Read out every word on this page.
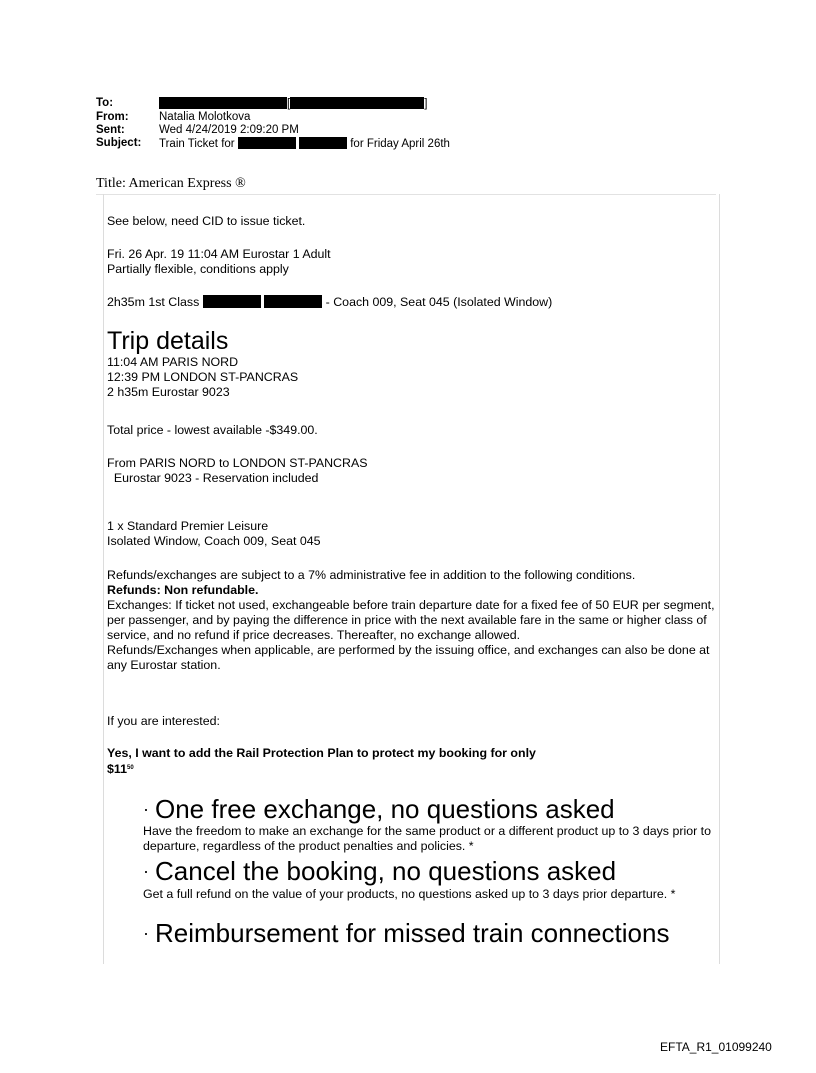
To:	[	]
From:	Natalia Molotkova
Sent:	Wed 4/24/2019 2:09:20 PM
Subject: Train Ticket for	for Friday April 26th
Title: American Express ®

See below, need CID to issue ticket.

Fri. 26 Apr. 19 11:04 AM Eurostar 1 Adult

Partially flexible, conditions apply

2h35m 1st Class	- Coach 009, Seat 045 (Isolated Window)

Trip details

11:04 AM PARIS NORD

12:39 PM LONDON ST-PANCRAS

2 h35m Eurostar 9023

Total price - lowest available -$349.00.

From PARIS NORD to LONDON ST-PANCRAS

Eurostar 9023 - Reservation included

1 x Standard Premier Leisure

Isolated Window, Coach 009, Seat 045

Refunds/exchanges are subject to a 7% administrative fee in addition to the following conditions.

Refunds: Non refundable.

Exchanges: If ticket not used, exchangeable before train departure date for a fixed fee of 50 EUR per segment, per passenger, and by paying the difference in price with the next available fare in the same or higher class of service, and no refund if price decreases. Thereafter, no exchange allowed.

Refunds/Exchanges when applicable, are performed by the issuing office, and exchanges can also be done at any Eurostar station.

If you are interested:

Yes, I want to add the Rail Protection Plan to protect my booking for only

$\$11^{50}$

· One free exchange, no questions asked
Have the freedom to make an exchange for the same product or a different product up to 3 days prior to departure, regardless of the product penalties and policies. *
· Cancel the booking, no questions asked
Get a full refund on the value of your products, no questions asked up to 3 days prior departure. *
· Reimbursement for missed train connections
EFTA_R1_01099240
